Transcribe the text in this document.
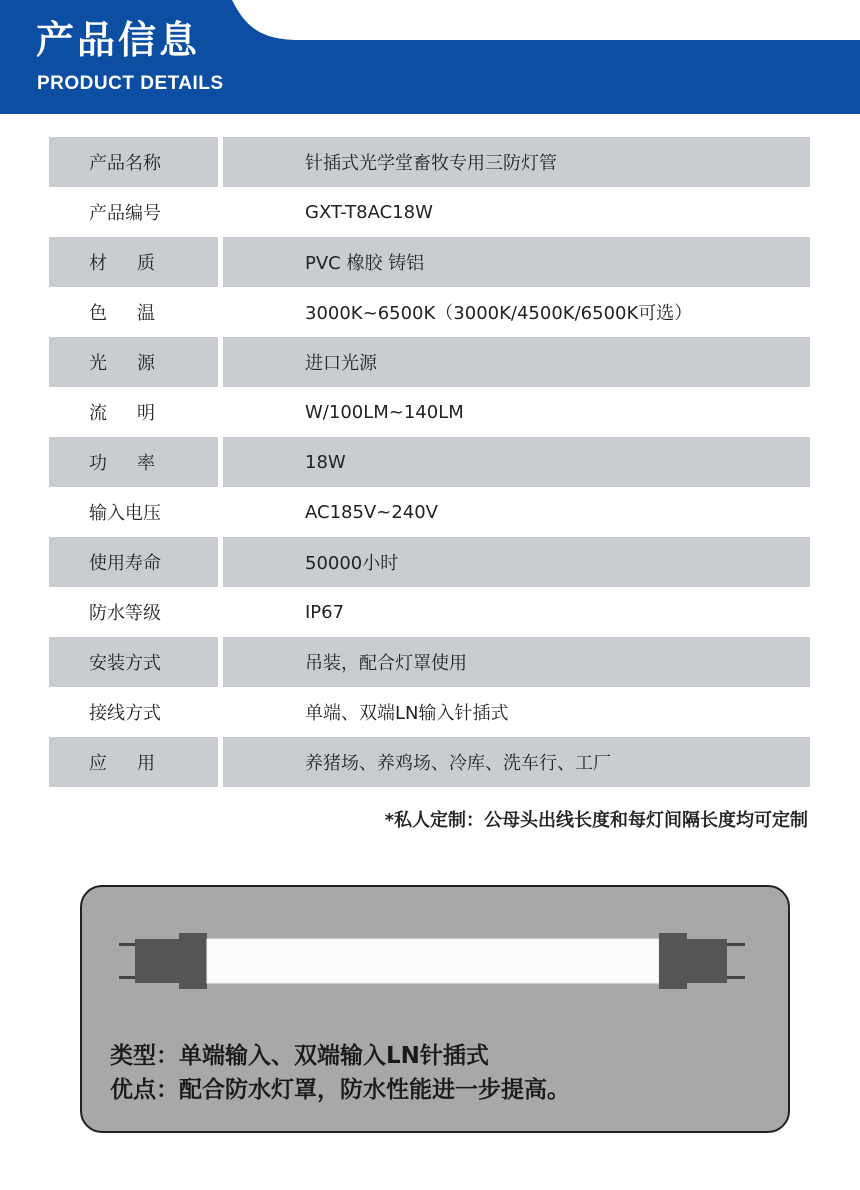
产品信息
PRODUCT DETAILS
产品名称	针插式光学堂畜牧专用三防灯管
产品编号	GXT-T8AC18W
材 质	PVC 橡胶 铸铝
色 温	3000K~6500K（3000K/4500K/6500K可选）
光 源	进口光源
流 明	W/100LM~140LM
功 率	18W
输入电压	AC185V~240V
使用寿命	50000小时
防水等级	IP67
安装方式	吊装，配合灯罩使用
接线方式	单端、双端LN输入针插式
应 用	养猪场、养鸡场、冷库、洗车行、工厂
*私人定制：公母头出线长度和每灯间隔长度均可定制
类型：单端输入、双端输入LN针插式
优点：配合防水灯罩，防水性能进一步提高。
